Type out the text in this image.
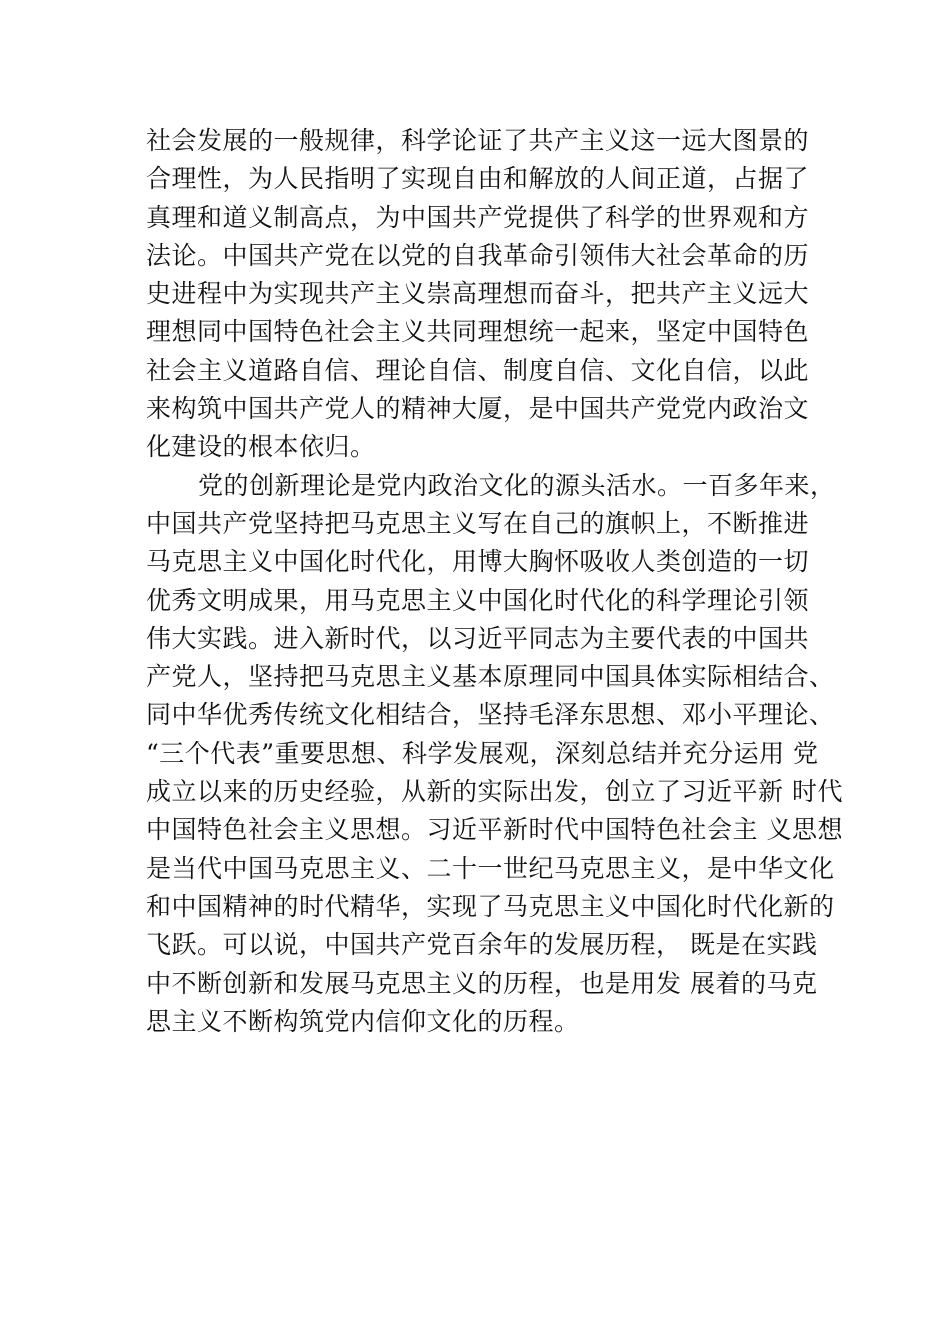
社会发展的一般规律，科学论证了共产主义这一远大图景的
合理性，为人民指明了实现自由和解放的人间正道，占据了
真理和道义制高点，为中国共产党提供了科学的世界观和方
法论。中国共产党在以党的自我革命引领伟大社会革命的历
史进程中为实现共产主义崇高理想而奋斗，把共产主义远大
理想同中国特色社会主义共同理想统一起来，坚定中国特色
社会主义道路自信、理论自信、制度自信、文化自信，以此
来构筑中国共产党人的精神大厦，是中国共产党党内政治文
化建设的根本依归。
党的创新理论是党内政治文化的源头活水。一百多年来，
中国共产党坚持把马克思主义写在自己的旗帜上，不断推进
马克思主义中国化时代化，用博大胸怀吸收人类创造的一切
优秀文明成果，用马克思主义中国化时代化的科学理论引领
伟大实践。进入新时代，以习近平同志为主要代表的中国共
产党人，坚持把马克思主义基本原理同中国具体实际相结合、
同中华优秀传统文化相结合，坚持毛泽东思想、邓小平理论、
“三个代表”重要思想、科学发展观，深刻总结并充分运用 党
成立以来的历史经验，从新的实际出发，创立了习近平新 时代
中国特色社会主义思想。习近平新时代中国特色社会主 义思想
是当代中国马克思主义、二十一世纪马克思主义，是中华文化
和中国精神的时代精华，实现了马克思主义中国化时代化新的
飞跃。可以说，中国共产党百余年的发展历程， 既是在实践
中不断创新和发展马克思主义的历程，也是用发 展着的马克
思主义不断构筑党内信仰文化的历程。
